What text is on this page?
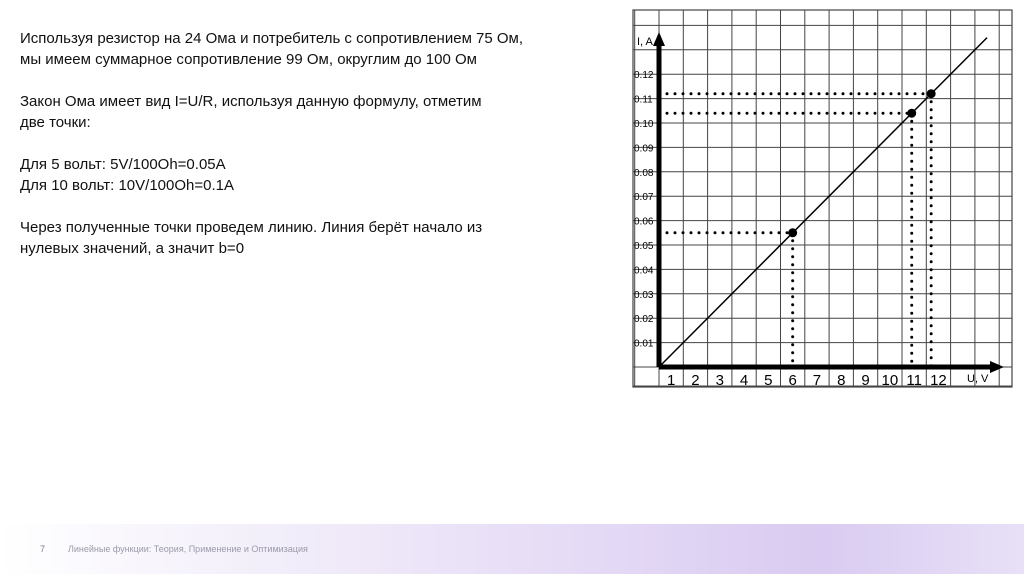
Используя резистор на 24 Ома и потребитель с сопротивлением 75 Ом,
мы имеем суммарное сопротивление 99 Ом, округлим до 100 Ом

Закон Ома имеет вид I=U/R, используя данную формулу, отметим
две точки:

Для 5 вольт: 5V/100Oh=0.05A
Для 10 вольт: 10V/100Oh=0.1A

Через полученные точки проведем линию. Линия берёт начало из
нулевых значений, а значит b=0

0.01
0.02
0.03
0.04
0.05
0.06
0.07
0.08
0.09
0.10
0.11
0.12
1 2 3 4 5 6 7 8 9 10 11 12
I, A
U, V
7	Линейные функции: Теория, Применение и Оптимизация
